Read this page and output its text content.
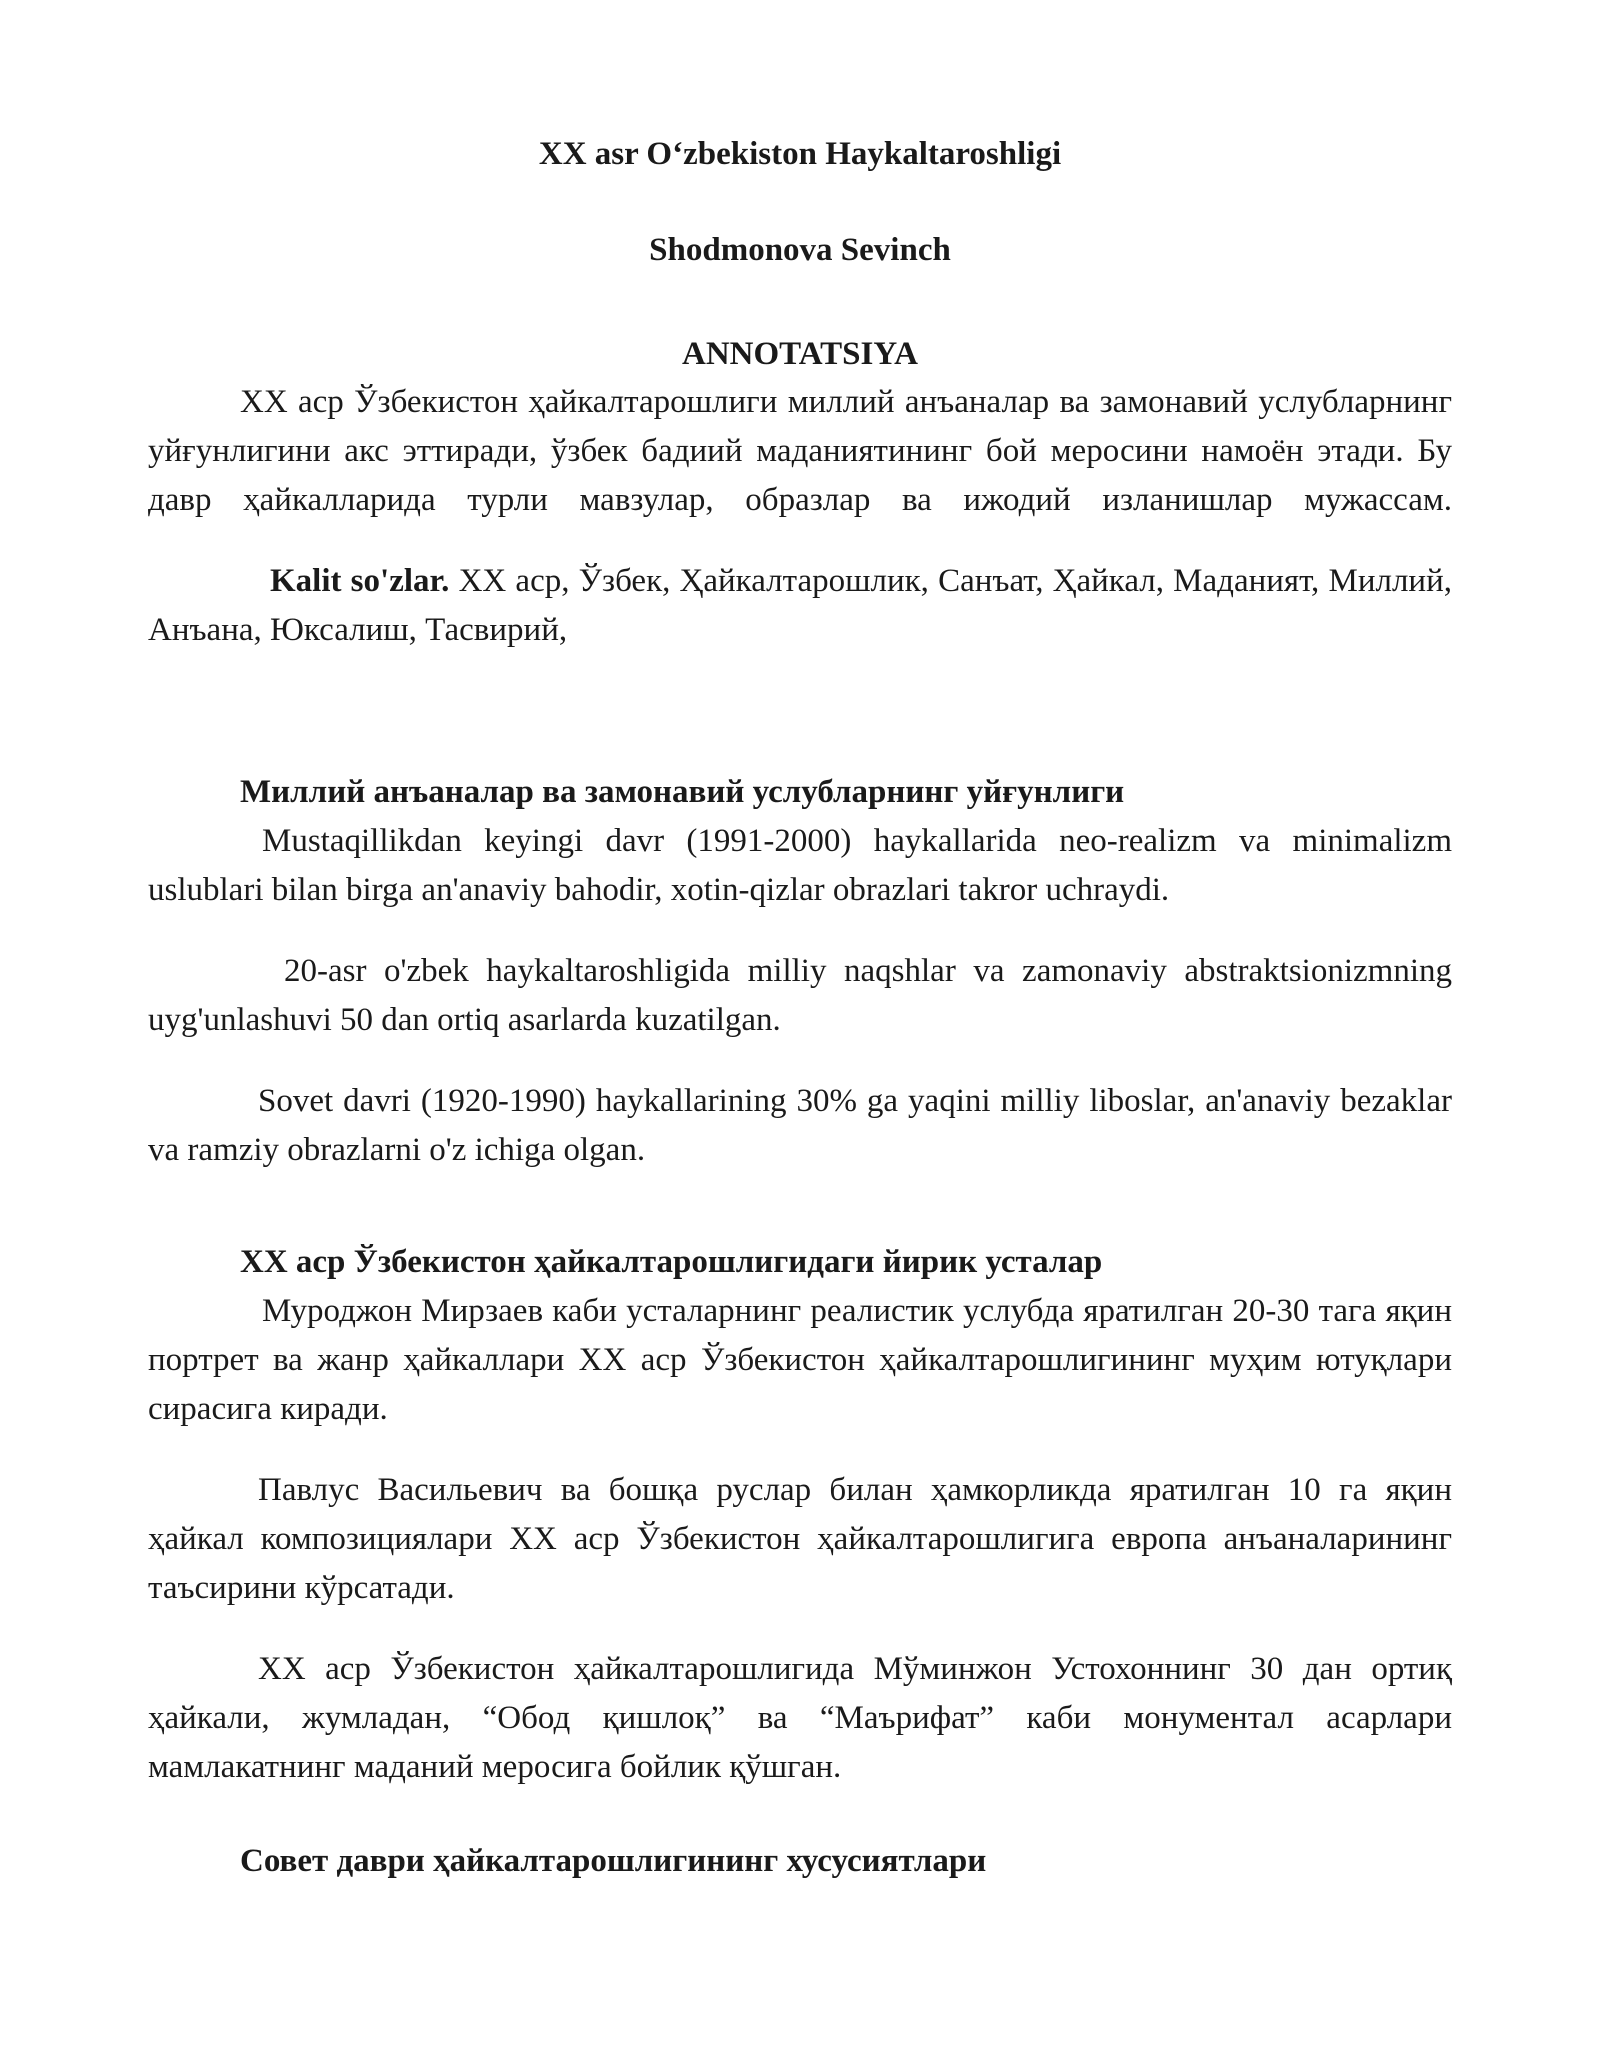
XX asr O‘zbekiston Haykaltaroshligi
Shodmonova Sevinch
ANNOTATSIYA

XX аср Ўзбекистон ҳайкалтарошлиги миллий анъаналар ва замонавий услубларнинг уйғунлигини акс эттиради, ўзбек бадиий маданиятининг бой меросини намоён этади. Бу давр ҳайкалларида турли мавзулар, образлар ва ижодий изланишлар мужассам.

Kalit so'zlar. XX аср, Ўзбек, Ҳайкалтарошлик, Санъат, Ҳайкал, Маданият, Миллий, Анъана, Юксалиш, Тасвирий,

Миллий анъаналар ва замонавий услубларнинг уйғунлиги

Mustaqillikdan keyingi davr (1991-2000) haykallarida neo-realizm va minimalizm uslublari bilan birga an'anaviy bahodir, xotin-qizlar obrazlari takror uchraydi.

20-asr o'zbek haykaltaroshligida milliy naqshlar va zamonaviy abstraktsionizmning uyg'unlashuvi 50 dan ortiq asarlarda kuzatilgan.

Sovet davri (1920-1990) haykallarining 30% ga yaqini milliy liboslar, an'anaviy bezaklar va ramziy obrazlarni o'z ichiga olgan.

XX аср Ўзбекистон ҳайкалтарошлигидаги йирик усталар

Муроджон Мирзаев каби усталарнинг реалистик услубда яратилган 20-30 тага яқин портрет ва жанр ҳайкаллари XX аср Ўзбекистон ҳайкалтарошлигининг муҳим ютуқлари сирасига киради.

Павлус Васильевич ва бошқа руслар билан ҳамкорликда яратилган 10 га яқин ҳайкал композициялари XX аср Ўзбекистон ҳайкалтарошлигига европа анъаналарининг таъсирини кўрсатади.

XX аср Ўзбекистон ҳайкалтарошлигида Мўминжон Устохоннинг 30 дан ортиқ ҳайкали, жумладан, “Обод қишлоқ” ва “Маърифат” каби монументал асарлари мамлакатнинг маданий меросига бойлик қўшган.

Совет даври ҳайкалтарошлигининг хусусиятлари
